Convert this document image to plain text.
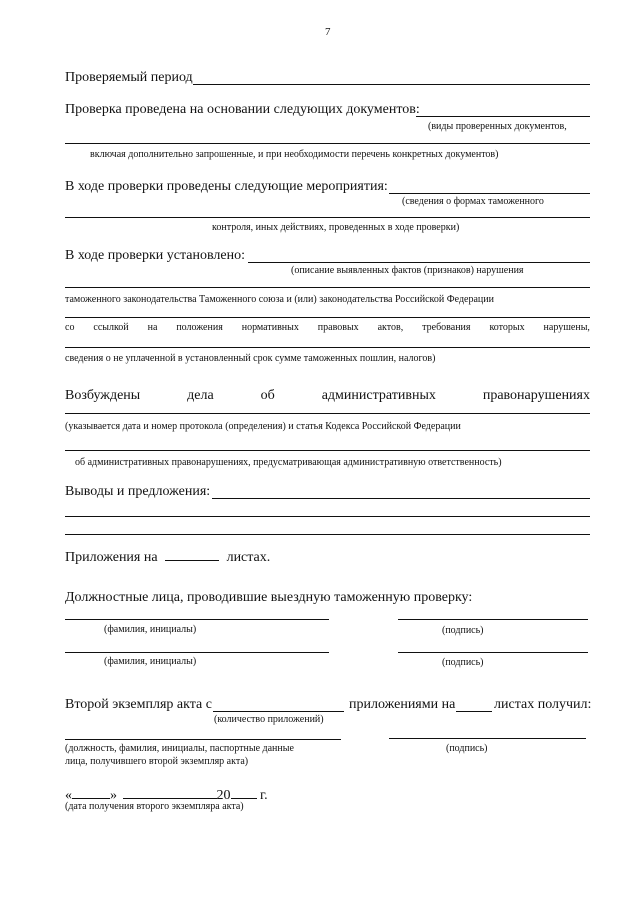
7
Проверяемый период
Проверка проведена на основании следующих документов:
(виды проверенных документов,
включая дополнительно запрошенные, и при необходимости перечень конкретных документов)
В ходе проверки проведены следующие мероприятия:
(сведения о формах таможенного
контроля, иных действиях, проведенных в ходе проверки)
В ходе проверки установлено:
(описание выявленных фактов (признаков) нарушения
таможенного законодательства Таможенного союза и (или) законодательства Российской Федерации
со ссылкой на положения нормативных правовых актов, требования которых нарушены,
сведения о не уплаченной в установленный срок сумме таможенных пошлин, налогов)
Возбуждены	дела	об	административных	правонарушениях
(указывается дата и номер протокола (определения) и статья Кодекса Российской Федерации
об административных правонарушениях, предусматривающая административную ответственность)
Выводы и предложения:
Приложения на	листах.
Должностные лица, проводившие выездную таможенную проверку:
(фамилия, инициалы)	(подпись)
(фамилия, инициалы)	(подпись)
Второй экземпляр акта с	приложениями на	листах получил:
(количество приложений)
(должность, фамилия, инициалы, паспортные данные
лица, получившего второй экземпляр акта)
(подпись)
«	»	20 г.
(дата получения второго экземпляра акта)
